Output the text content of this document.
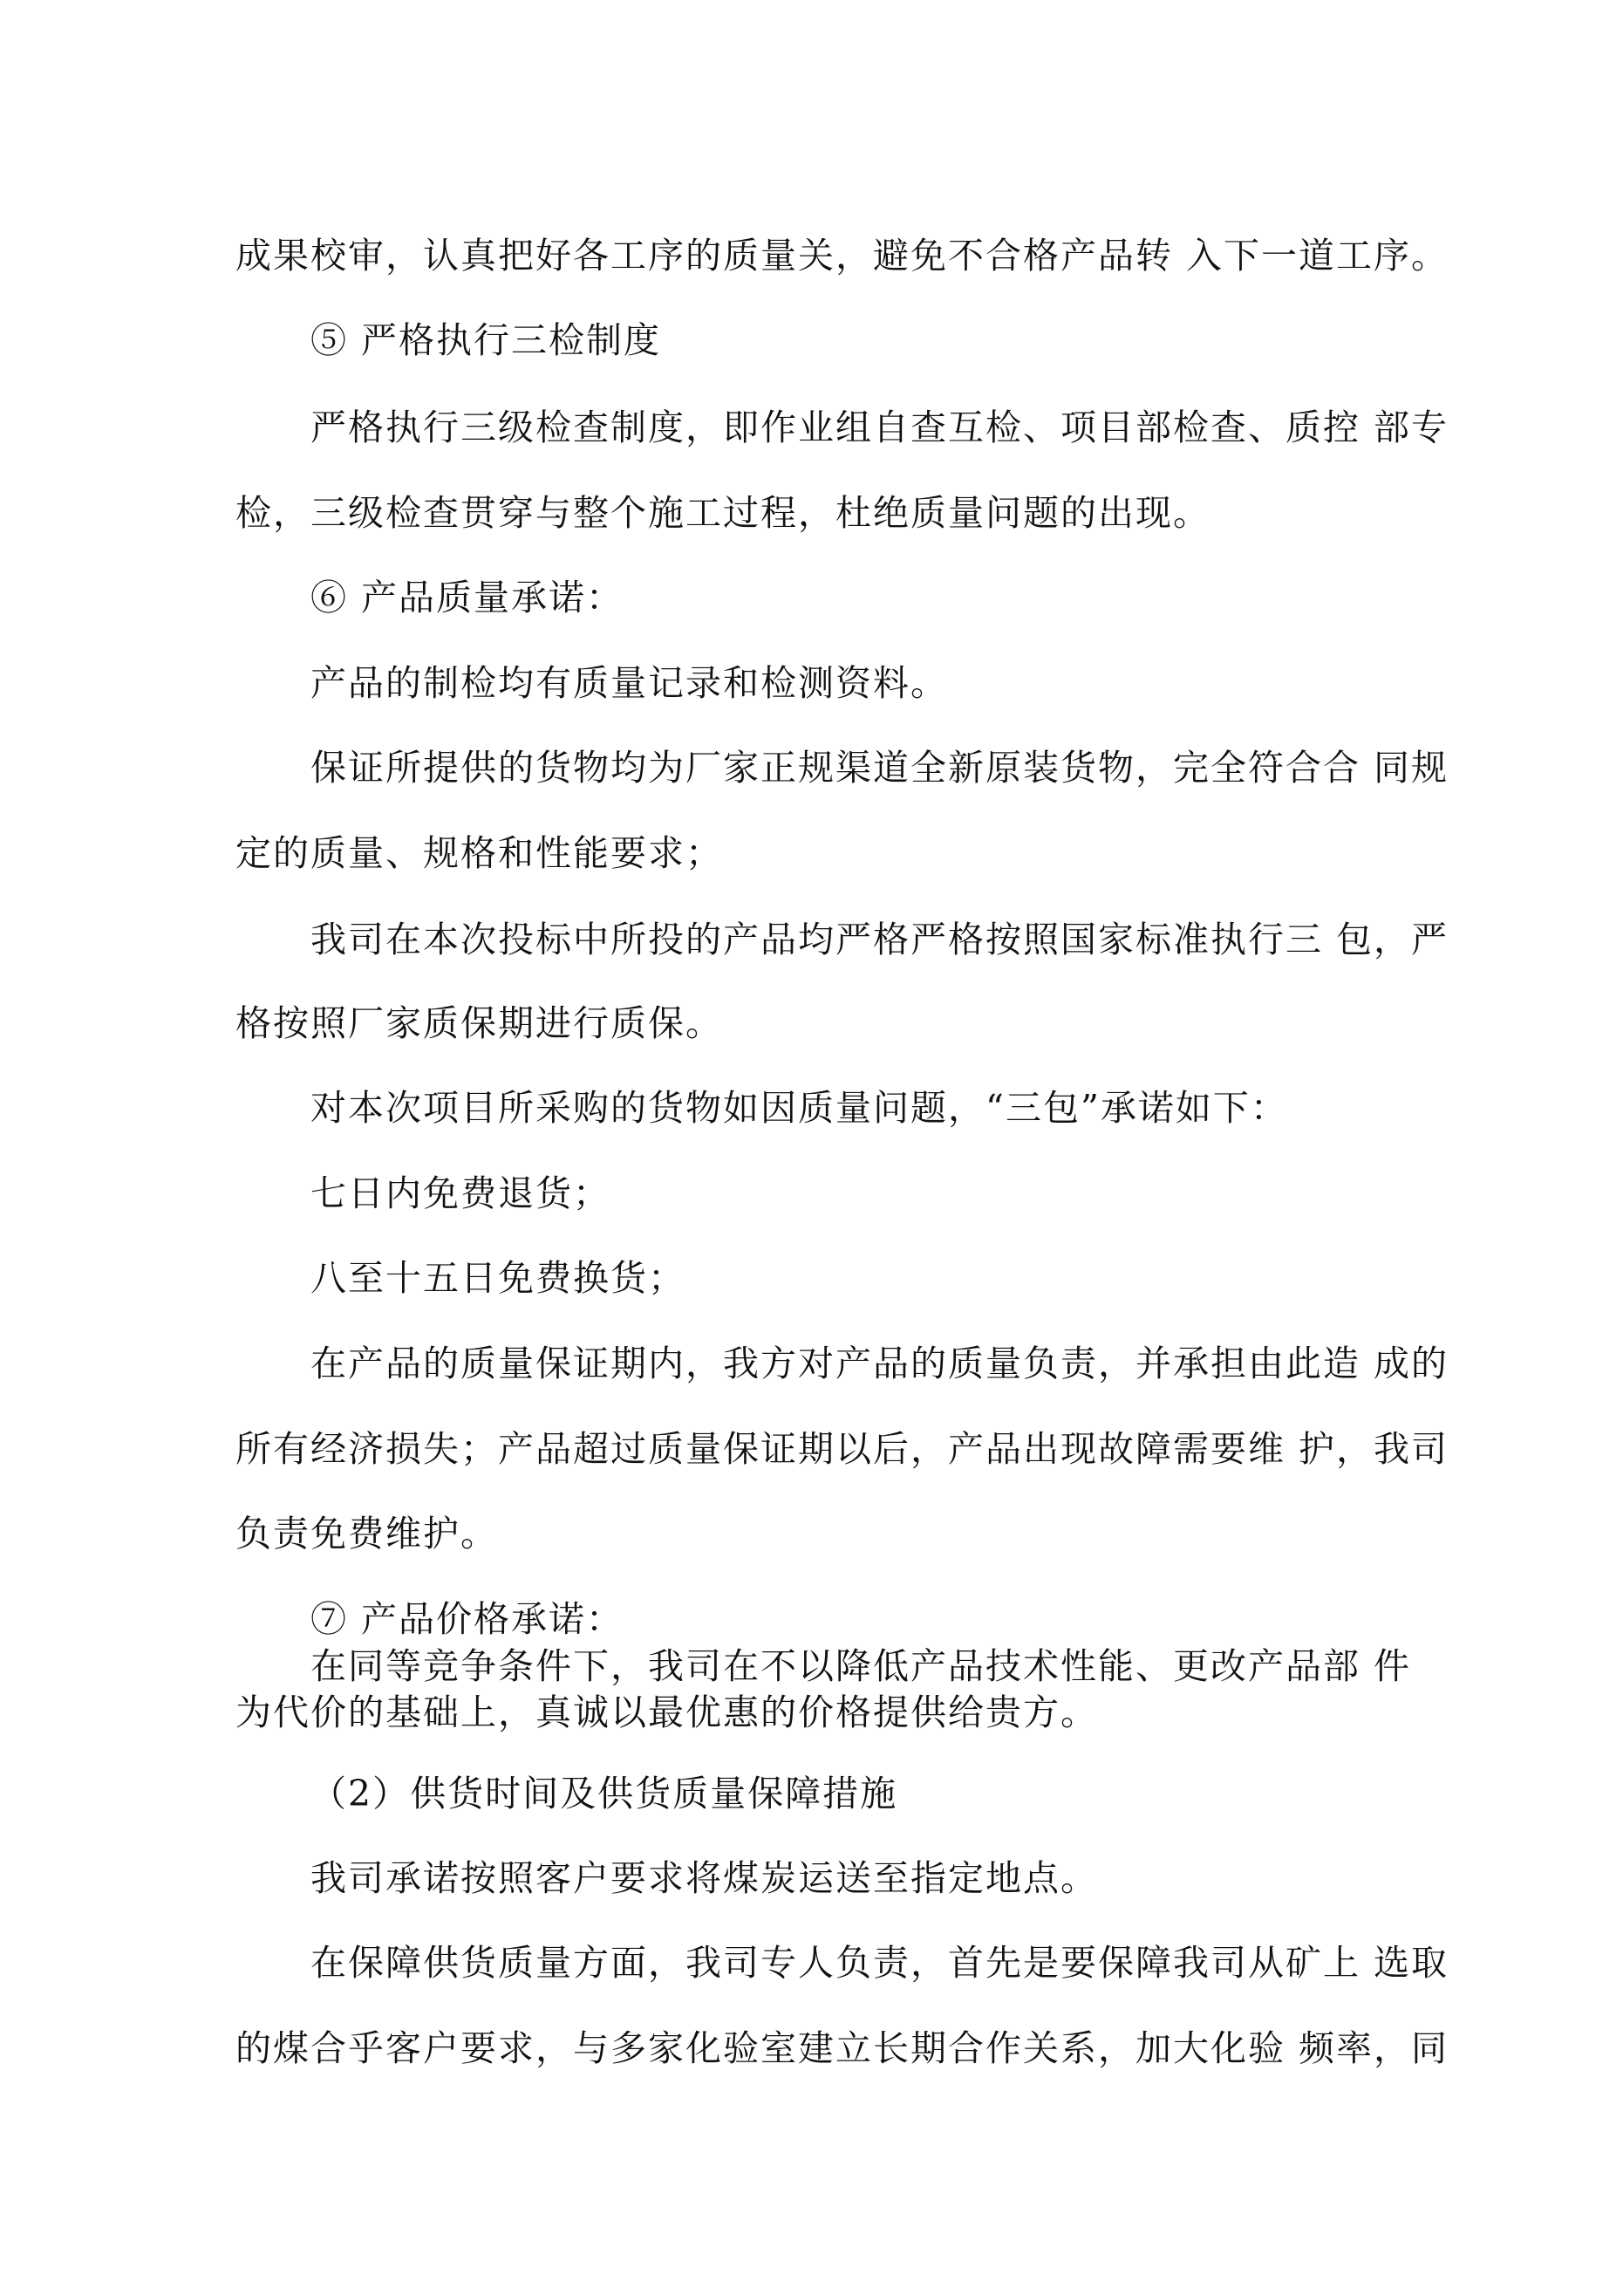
成果校审，认真把好各工序的质量关，避免不合格产品转 入下一道工序。
⑤ 严格执行三检制度
严格执行三级检查制度，即作业组自查互检、项目部检查、质控 部专
检，三级检查贯穿与整个施工过程，杜绝质量问题的出现。
⑥ 产品质量承诺：
产品的制检均有质量记录和检测资料。
保证所提供的货物均为厂家正规渠道全新原装货物，完全符合合 同规
定的质量、规格和性能要求；
我司在本次投标中所投的产品均严格严格按照国家标准执行三 包，严
格按照厂家质保期进行质保。
对本次项目所采购的货物如因质量问题，“三包”承诺如下：
七日内免费退货；
八至十五日免费换货；
在产品的质量保证期内，我方对产品的质量负责，并承担由此造 成的
所有经济损失；产品超过质量保证期以后，产品出现故障需要维 护，我司
负责免费维护。
⑦ 产品价格承诺：
在同等竞争条件下，我司在不以降低产品技术性能、更改产品部 件
为代价的基础上，真诚以最优惠的价格提供给贵方。
（2）供货时间及供货质量保障措施
我司承诺按照客户要求将煤炭运送至指定地点。
在保障供货质量方面，我司专人负责，首先是要保障我司从矿上 选取
的煤合乎客户要求，与多家化验室建立长期合作关系，加大化验 频率，同
